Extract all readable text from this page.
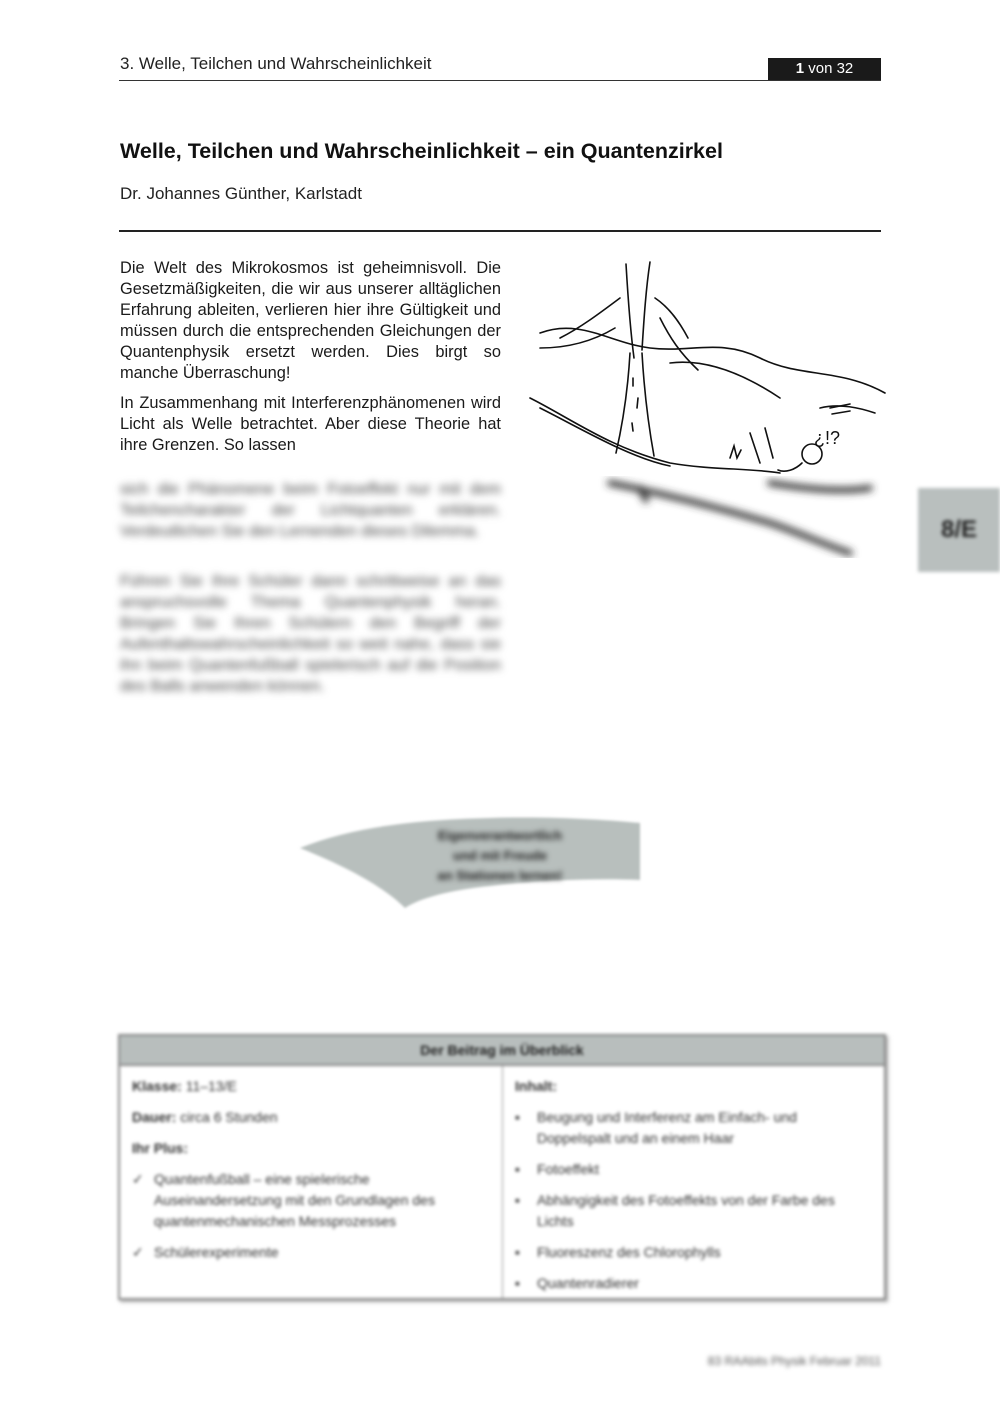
3. Welle, Teilchen und Wahrscheinlichkeit	1 von 32
Welle, Teilchen und Wahrscheinlichkeit – ein Quantenzirkel
Dr. Johannes Günther, Karlstadt

Die Welt des Mikrokosmos ist geheimnisvoll. Die Gesetzmäßigkeiten, die wir aus unserer alltäglichen Erfahrung ableiten, verlieren hier ihre Gültigkeit und müssen durch die entsprechenden Gleichungen der Quantenphysik ersetzt werden. Dies birgt so manche Überraschung!

In Zusammenhang mit Interferenzphänomenen wird Licht als Welle betrachtet. Aber diese Theorie hat ihre Grenzen. So lassen

sich die Phänomene beim Fotoeffekt nur mit dem Teilchencharakter der Lichtquanten erklären. Verdeutlichen Sie den Lernenden dieses Dilemma.
Führen Sie Ihre Schüler dann schrittweise an das anspruchsvolle Thema Quantenphysik heran. Bringen Sie Ihren Schülern den Begriff der Aufenthaltswahrscheinlichkeit so weit nahe, dass sie ihn beim Quantenfußball spielerisch auf die Position des Balls anwenden können.
¿!?
8/E
Eigenverantwortlich
und mit Freude
an Stationen lernen!
Der Beitrag im Überblick

Klasse: 11–13/E

Dauer: circa 6 Stunden

Ihr Plus:

✓ Quantenfußball – eine spielerische Auseinandersetzung mit den Grundlagen des quantenmechanischen Messprozesses
✓ Schülerexperimente

Inhalt:

▪ Beugung und Interferenz am Einfach- und Doppelspalt und an einem Haar
▪ Fotoeffekt
▪ Abhängigkeit des Fotoeffekts von der Farbe des Lichts
▪ Fluoreszenz des Chlorophylls
▪ Quantenradierer
83 RAAbits Physik Februar 2011
